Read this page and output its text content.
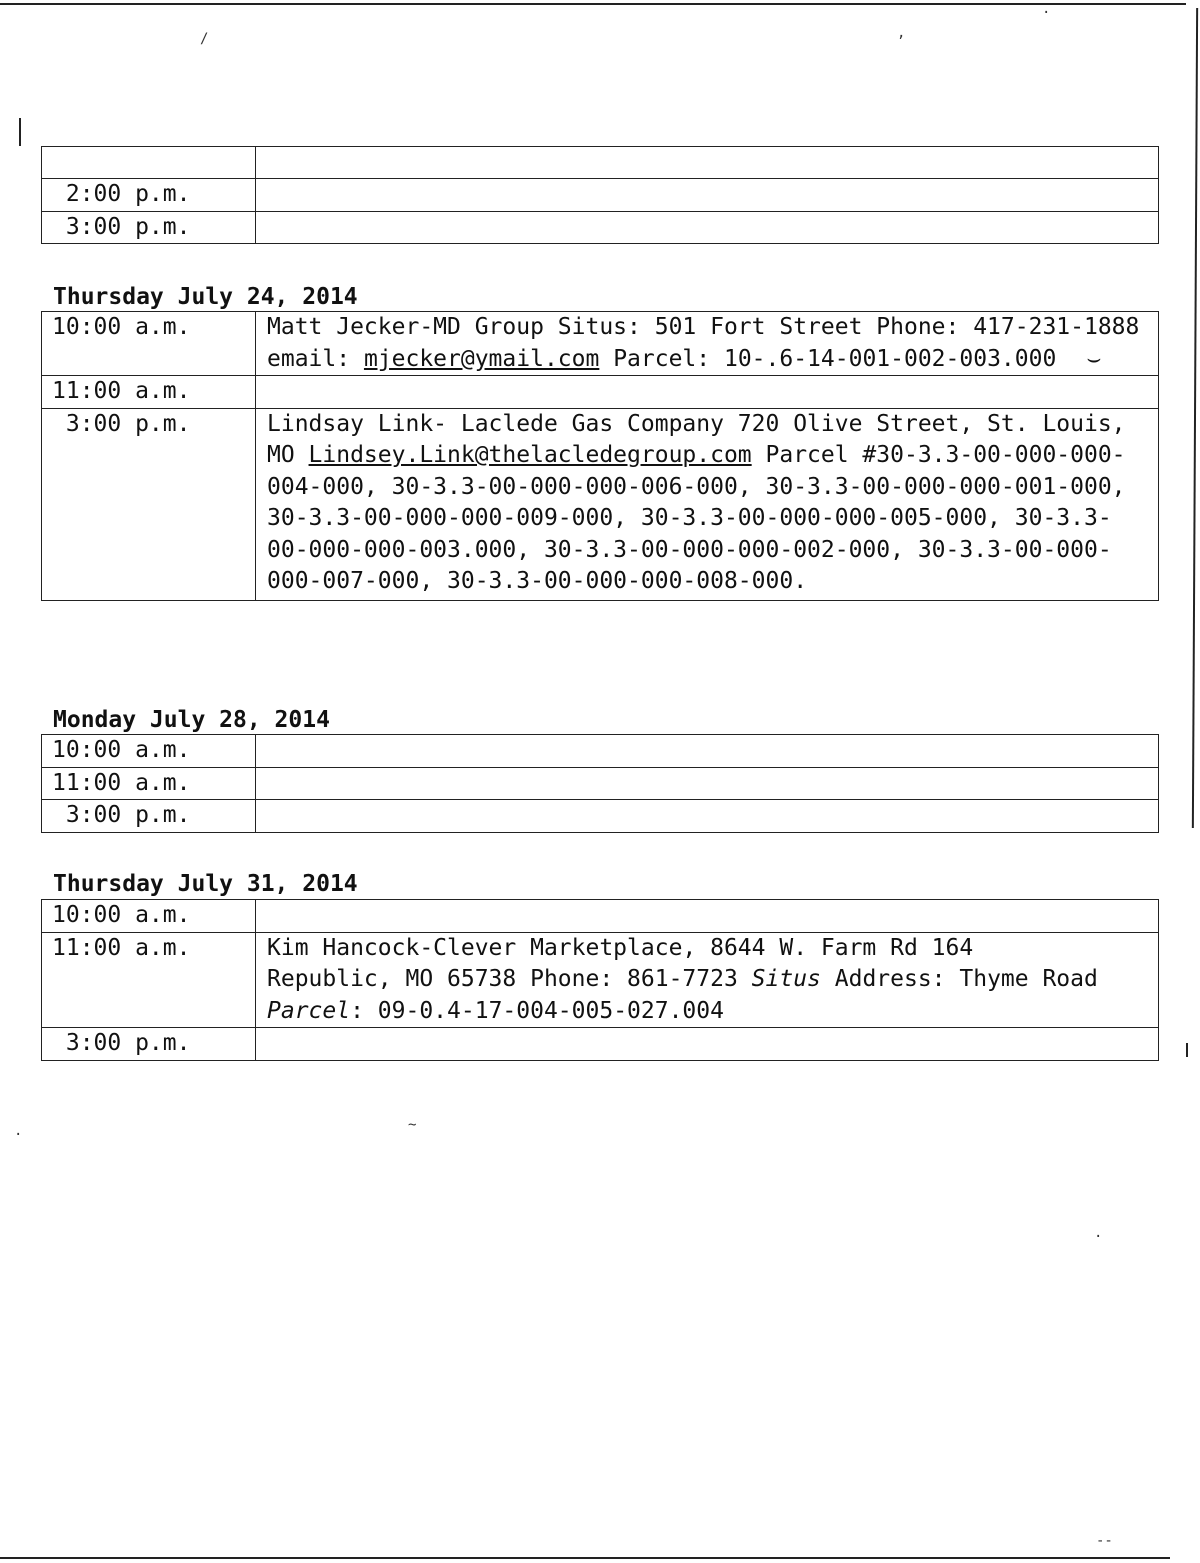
/	,
.
.	~
.
--

2:00 p.m.	
3:00 p.m.	
Thursday July 24, 2014
10:00 a.m.	Matt Jecker-MD Group Situs: 501 Fort Street Phone: 417-231-1888 email: mjecker@ymail.com Parcel: 10-.6-14-001-002-003.000 ⌣
11:00 a.m.	
3:00 p.m.	Lindsay Link- Laclede Gas Company 720 Olive Street, St. Louis, MO Lindsey.Link@thelacledegroup.com Parcel #30-3.3-00-000-000-004-000, 30-3.3-00-000-000-006-000, 30-3.3-00-000-000-001-000, 30-3.3-00-000-000-009-000, 30-3.3-00-000-000-005-000, 30-3.3-00-000-000-003.000, 30-3.3-00-000-000-002-000, 30-3.3-00-000-000-007-000, 30-3.3-00-000-000-008-000.
Monday July 28, 2014
10:00 a.m.	
11:00 a.m.	
3:00 p.m.	
Thursday July 31, 2014
10:00 a.m.	
11:00 a.m.	Kim Hancock-Clever Marketplace, 8644 W. Farm Rd 164 Republic, MO 65738 Phone: 861-7723 Situs Address: Thyme Road Parcel: 09-0.4-17-004-005-027.004
3:00 p.m.	
